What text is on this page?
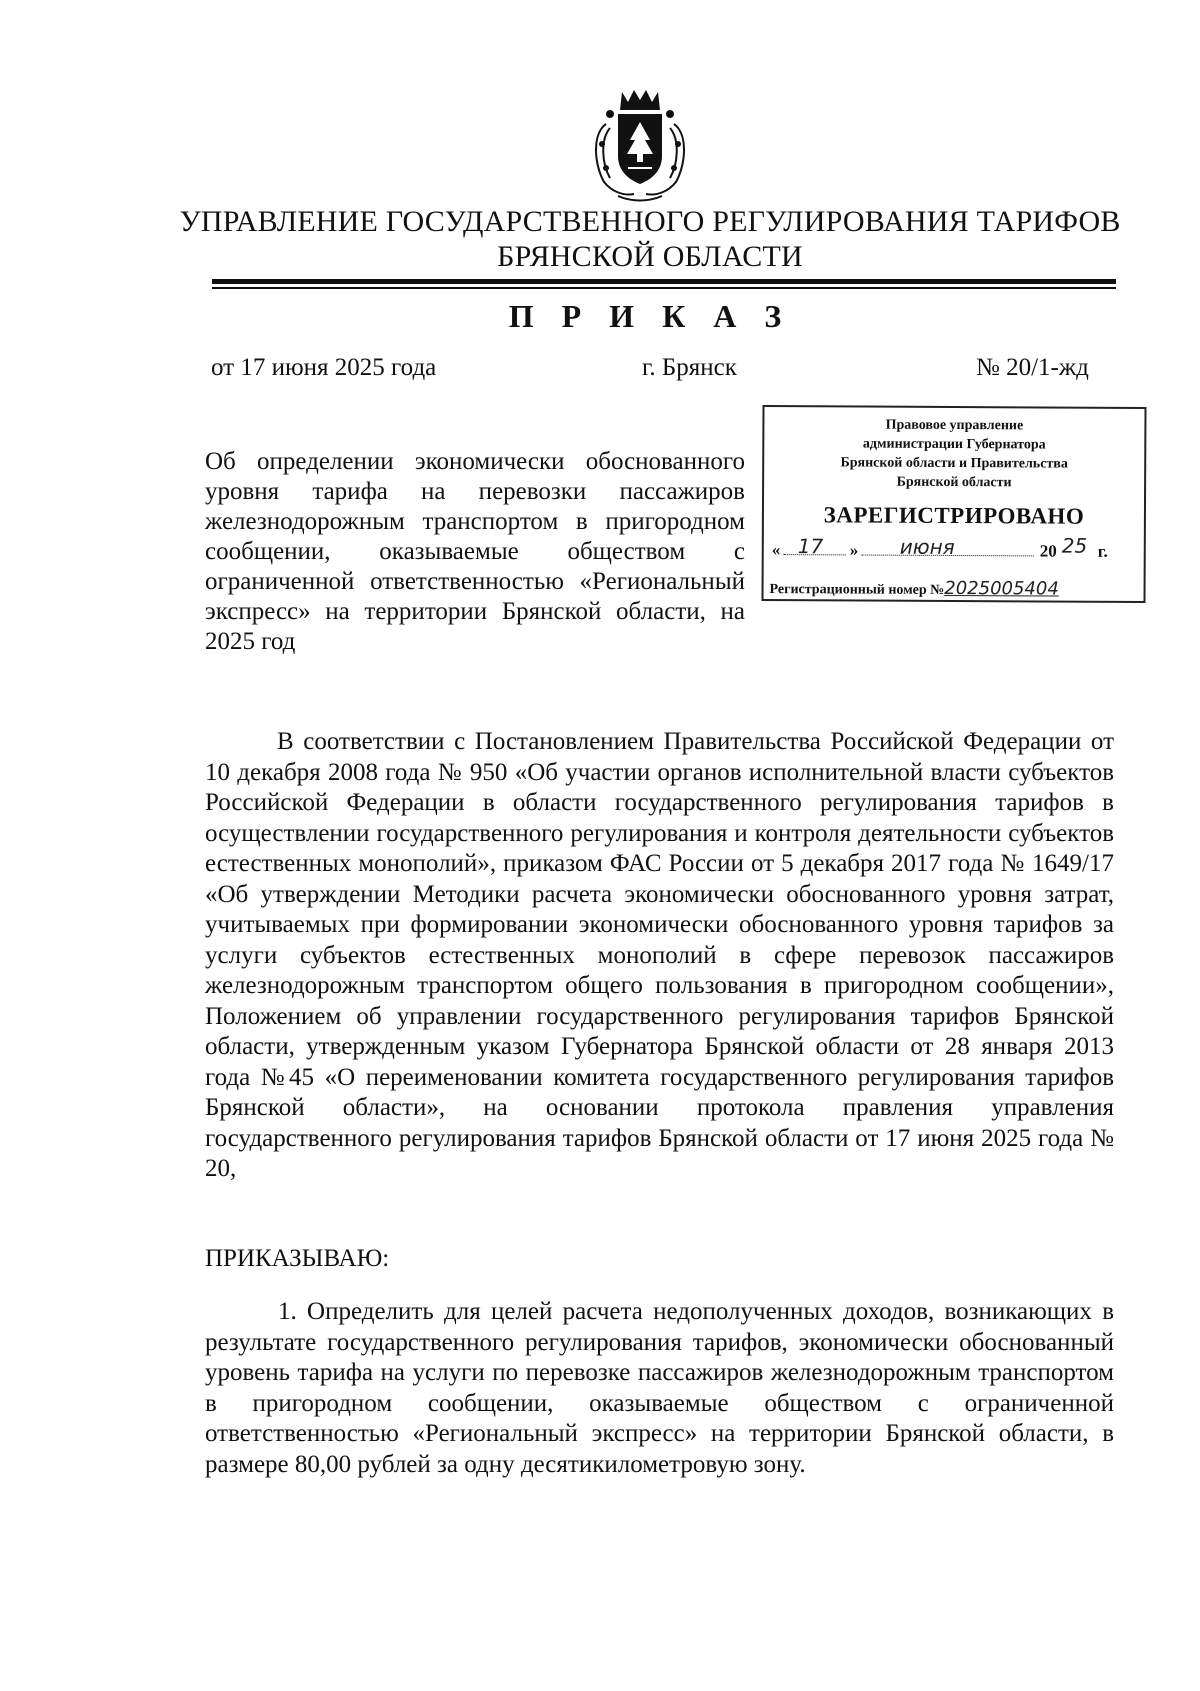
УПРАВЛЕНИЕ ГОСУДАРСТВЕННОГО РЕГУЛИРОВАНИЯ ТАРИФОВ
БРЯНСКОЙ ОБЛАСТИ
П Р И К А З
от 17 июня 2025 года	г. Брянск	№ 20/1-жд
Об определении экономически обоснованного уровня тарифа на перевозки пассажиров железнодорожным транспортом в пригородном сообщении, оказываемые обществом с ограниченной ответственностью «Региональный экспресс» на территории Брянской области, на 2025 год
Правовое управление
администрации Губернатора
Брянской области и Правительства
Брянской области
ЗАРЕГИСТРИРОВАНО
« 17 » июня	20 25 г.
Регистрационный номер №2025005404
В соответствии с Постановлением Правительства Российской Федерации от 10 декабря 2008 года № 950 «Об участии органов исполнительной власти субъектов Российской Федерации в области государственного регулирования тарифов в осуществлении государственного регулирования и контроля деятельности субъектов естественных монополий», приказом ФАС России от 5 декабря 2017 года № 1649/17 «Об утверждении Методики расчета экономически обоснованного уровня затрат, учитываемых при формировании экономически обоснованного уровня тарифов за услуги субъектов естественных монополий в сфере перевозок пассажиров железнодорожным транспортом общего пользования в пригородном сообщении», Положением об управлении государственного регулирования тарифов Брянской области, утвержденным указом Губернатора Брянской области от 28 января 2013 года №45 «О переименовании комитета государственного регулирования тарифов Брянской области», на основании протокола правления управления государственного регулирования тарифов Брянской области от 17 июня 2025 года № 20,
ПРИКАЗЫВАЮ:
1. Определить для целей расчета недополученных доходов, возникающих в результате государственного регулирования тарифов, экономически обоснованный уровень тарифа на услуги по перевозке пассажиров железнодорожным транспортом в пригородном сообщении, оказываемые обществом с ограниченной ответственностью «Региональный экспресс» на территории Брянской области, в размере 80,00 рублей за одну десятикилометровую зону.
